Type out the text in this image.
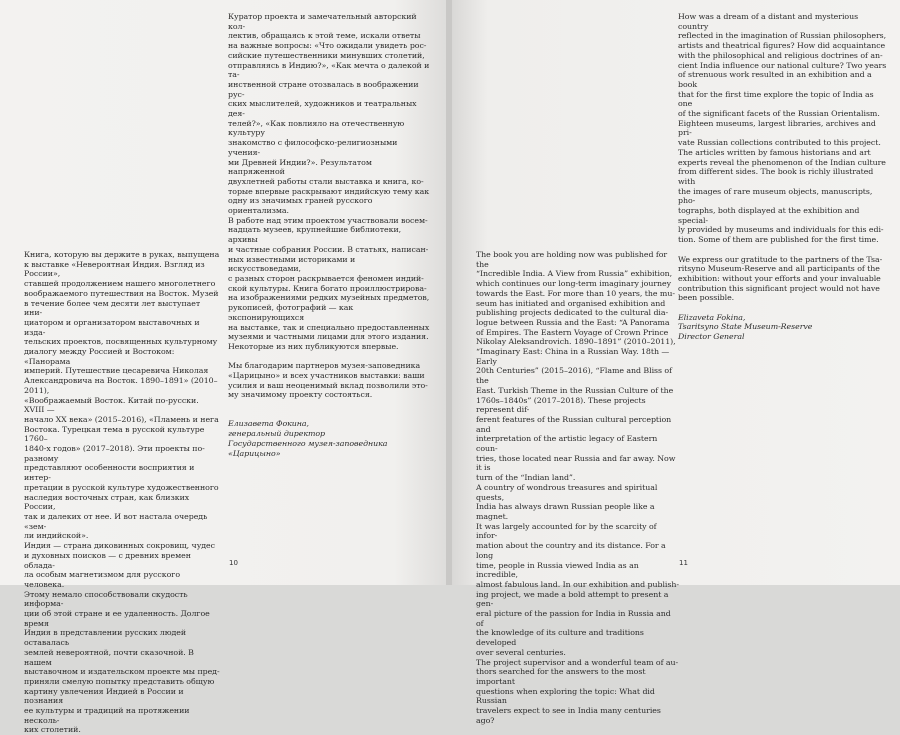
Книга, которую вы держите в руках, выпущена
к выставке «Невероятная Индия. Взгляд из России»,
ставшей продолжением нашего многолетнего
воображаемого путешествия на Восток. Музей
в течение более чем десяти лет выступает ини-
циатором и организатором выставочных и изда-
тельских проектов, посвященных культурному
диалогу между Россией и Востоком: «Панорама
империй. Путешествие цесаревича Николая
Александровича на Восток. 1890–1891» (2010–2011),
«Воображаемый Восток. Китай по-русски. XVIII —
начало XX века» (2015–2016), «Пламень и нега
Востока. Турецкая тема в русской культуре 1760–
1840-х годов» (2017–2018). Эти проекты по-разному
представляют особенности восприятия и интер-
претации в русской культуре художественного
наследия восточных стран, как близких России,
так и далеких от нее. И вот настала очередь «зем-
ли индийской».

Индия — страна диковинных сокровищ, чудес
и духовных поисков — с древних времен облада-
ла особым магнетизмом для русского человека.
Этому немало способствовали скудость информа-
ции об этой стране и ее удаленность. Долгое время
Индия в представлении русских людей оставалась
землей невероятной, почти сказочной. В нашем
выставочном и издательском проекте мы пред-
приняли смелую попытку представить общую
картину увлечения Индией в России и познания
ее культуры и традиций на протяжении несколь-
ких столетий.

Куратор проекта и замечательный авторский кол-
лектив, обращаясь к этой теме, искали ответы
на важные вопросы: «Что ожидали увидеть рос-
сийские путешественники минувших столетий,
отправляясь в Индию?», «Как мечта о далекой и та-
инственной стране отозвалась в воображении рус-
ских мыслителей, художников и театральных дея-
телей?», «Как повлияло на отечественную культуру
знакомство с философско-религиозными учения-
ми Древней Индии?». Результатом напряженной
двухлетней работы стали выставка и книга, ко-
торые впервые раскрывают индийскую тему как
одну из значимых граней русского ориентализма.
В работе над этим проектом участвовали восем-
надцать музеев, крупнейшие библиотеки, архивы
и частные собрания России. В статьях, написан-
ных известными историками и искусствоведами,
с разных сторон раскрывается феномен индий-
ской культуры. Книга богато проиллюстрирова-
на изображениями редких музейных предметов,
рукописей, фотографий — как экспонирующихся
на выставке, так и специально предоставленных
музеями и частными лицами для этого издания.
Некоторые из них публикуются впервые.

Мы благодарим партнеров музея-заповедника
«Царицыно» и всех участников выставки: ваши
усилия и ваш неоценимый вклад позволили это-
му значимому проекту состояться.

Елизавета Фокина,
генеральный директор
Государственного музея-заповедника «Царицыно»

10

The book you are holding now was published for the
“Incredible India. A View from Russia” exhibition,
which continues our long-term imaginary journey
towards the East. For more than 10 years, the mu-
seum has initiated and organised exhibition and
publishing projects dedicated to the cultural dia-
logue between Russia and the East: “A Panorama
of Empires. The Eastern Voyage of Crown Prince
Nikolay Aleksandrovich. 1890–1891” (2010–2011),
“Imaginary East: China in a Russian Way. 18th — Early
20th Centuries” (2015–2016), “Flame and Bliss of the
East. Turkish Theme in the Russian Culture of the
1760s–1840s” (2017–2018). These projects represent dif-
ferent features of the Russian cultural perception and
interpretation of the artistic legacy of Eastern coun-
tries, those located near Russia and far away. Now it is
turn of the “Indian land”.

A country of wondrous treasures and spiritual quests,
India has always drawn Russian people like a magnet.
It was largely accounted for by the scarcity of infor-
mation about the country and its distance. For a long
time, people in Russia viewed India as an incredible,
almost fabulous land. In our exhibition and publish-
ing project, we made a bold attempt to present a gen-
eral picture of the passion for India in Russia and of
the knowledge of its culture and traditions developed
over several centuries.

The project supervisor and a wonderful team of au-
thors searched for the answers to the most important
questions when exploring the topic: What did Russian
travelers expect to see in India many centuries ago?

How was a dream of a distant and mysterious country
reflected in the imagination of Russian philosophers,
artists and theatrical figures? How did acquaintance
with the philosophical and religious doctrines of an-
cient India influence our national culture? Two years
of strenuous work resulted in an exhibition and a book
that for the first time explore the topic of India as one
of the significant facets of the Russian Orientalism.
Eighteen museums, largest libraries, archives and pri-
vate Russian collections contributed to this project.
The articles written by famous historians and art
experts reveal the phenomenon of the Indian culture
from different sides. The book is richly illustrated with
the images of rare museum objects, manuscripts, pho-
tographs, both displayed at the exhibition and special-
ly provided by museums and individuals for this edi-
tion. Some of them are published for the first time.

We express our gratitude to the partners of the Tsa-
ritsyno Museum-Reserve and all participants of the
exhibition: without your efforts and your invaluable
contribution this significant project would not have
been possible.

Elizaveta Fokina,
Tsaritsyno State Museum-Reserve
Director General

11
